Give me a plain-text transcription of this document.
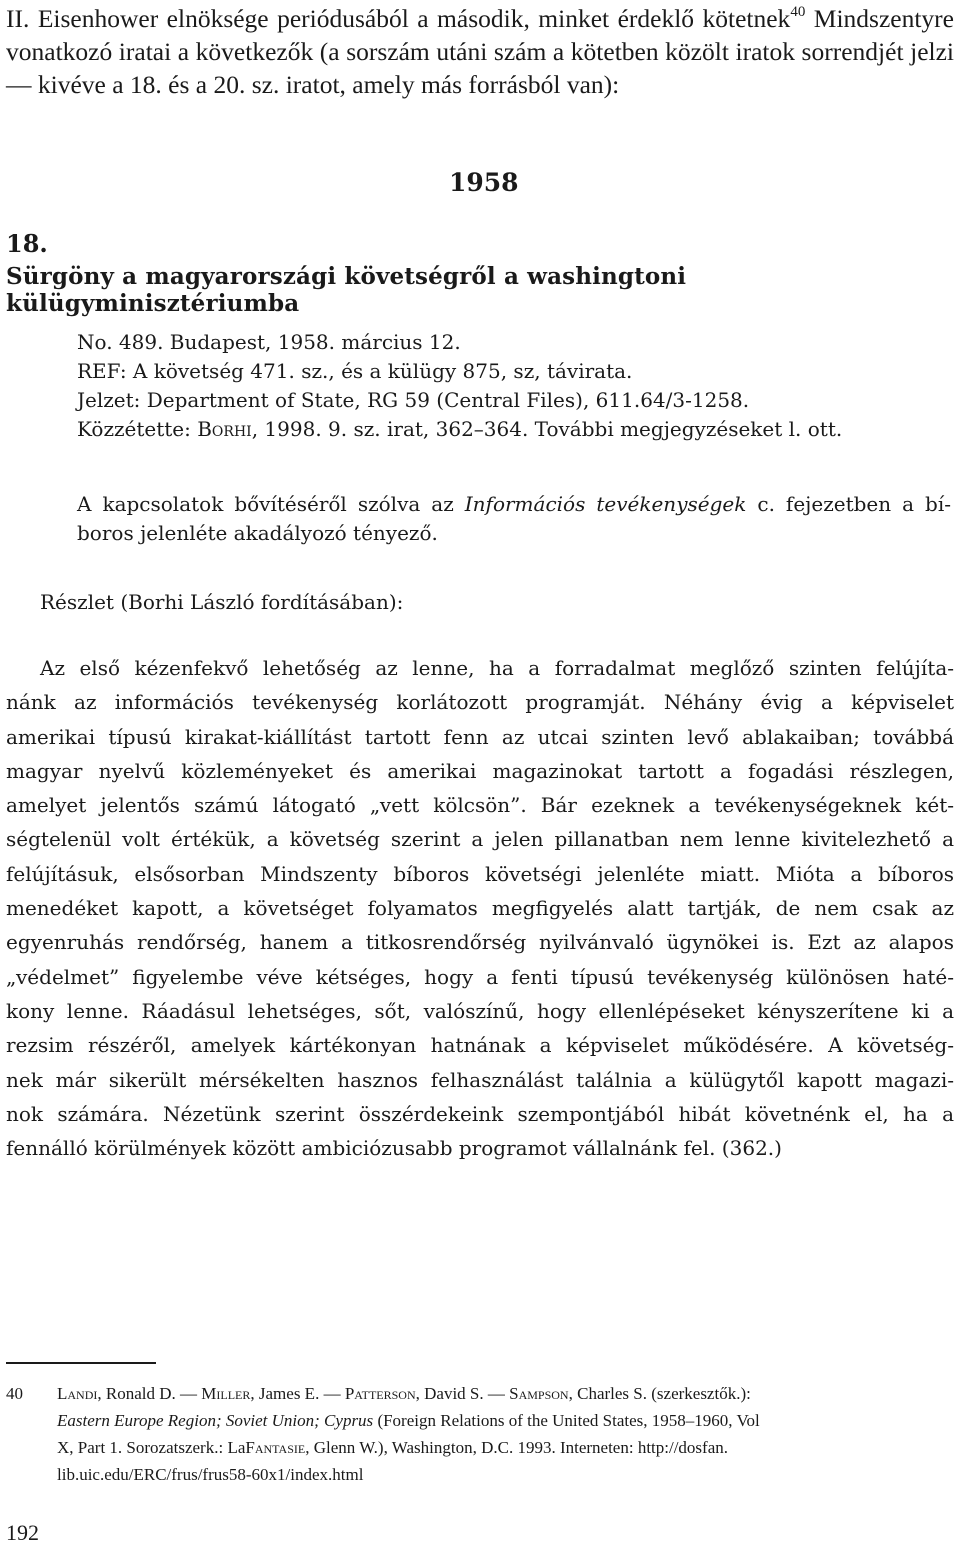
II. Eisenhower elnöksége periódusából a második, minket érdeklő kötetnek$^{40}$ Mindszentyre vonatkozó iratai a következők (a sorszám utáni szám a kötetben közölt iratok sorrendjét jelzi — kivéve a 18. és a 20. sz. iratot, amely más forrásból van):
1958
18.
Sürgöny a magyarországi követségről a washingtoni külügyminisztériumba
No. 489. Budapest, 1958. március 12.
REF: A követség 471. sz., és a külügy 875, sz, távirata.
Jelzet: Department of State, RG 59 (Central Files), 611.64/3-1258.
Közzétette: Borhi, 1998. 9. sz. irat, 362–364. További megjegyzéseket l. ott.
A kapcsolatok bővítéséről szólva az Információs tevékenységek c. fejezetben a bí-
boros jelenléte akadályozó tényező.
Részlet (Borhi László fordításában):
Az első kézenfekvő lehetőség az lenne, ha a forradalmat meglőző szinten felújíta-
nánk az információs tevékenység korlátozott programját. Néhány évig a képviselet
amerikai típusú kirakat-kiállítást tartott fenn az utcai szinten levő ablakaiban; továbbá
magyar nyelvű közleményeket és amerikai magazinokat tartott a fogadási részlegen,
amelyet jelentős számú látogató „vett kölcsön”. Bár ezeknek a tevékenységeknek két-
ségtelenül volt értékük, a követség szerint a jelen pillanatban nem lenne kivitelezhető a
felújításuk, elsősorban Mindszenty bíboros követségi jelenléte miatt. Mióta a bíboros
menedéket kapott, a követséget folyamatos megfigyelés alatt tartják, de nem csak az
egyenruhás rendőrség, hanem a titkosrendőrség nyilvánvaló ügynökei is. Ezt az alapos
„védelmet” figyelembe véve kétséges, hogy a fenti típusú tevékenység különösen haté-
kony lenne. Ráadásul lehetséges, sőt, valószínű, hogy ellenlépéseket kényszerítene ki a
rezsim részéről, amelyek kártékonyan hatnának a képviselet működésére. A követség-
nek már sikerült mérsékelten hasznos felhasználást találnia a külügytől kapott magazi-
nok számára. Nézetünk szerint összérdekeink szempontjából hibát követnénk el, ha a
fennálló körülmények között ambiciózusabb programot vállalnánk fel. (362.)
40 Landi, Ronald D. — Miller, James E. — Patterson, David S. — Sampson, Charles S. (szerkesztők.):
Eastern Europe Region; Soviet Union; Cyprus (Foreign Relations of the United States, 1958–1960, Vol
X, Part 1. Sorozatszerk.: LaFantasie, Glenn W.), Washington, D.C. 1993. Interneten: http://dosfan.
lib.uic.edu/ERC/frus/frus58-60x1/index.html
192
